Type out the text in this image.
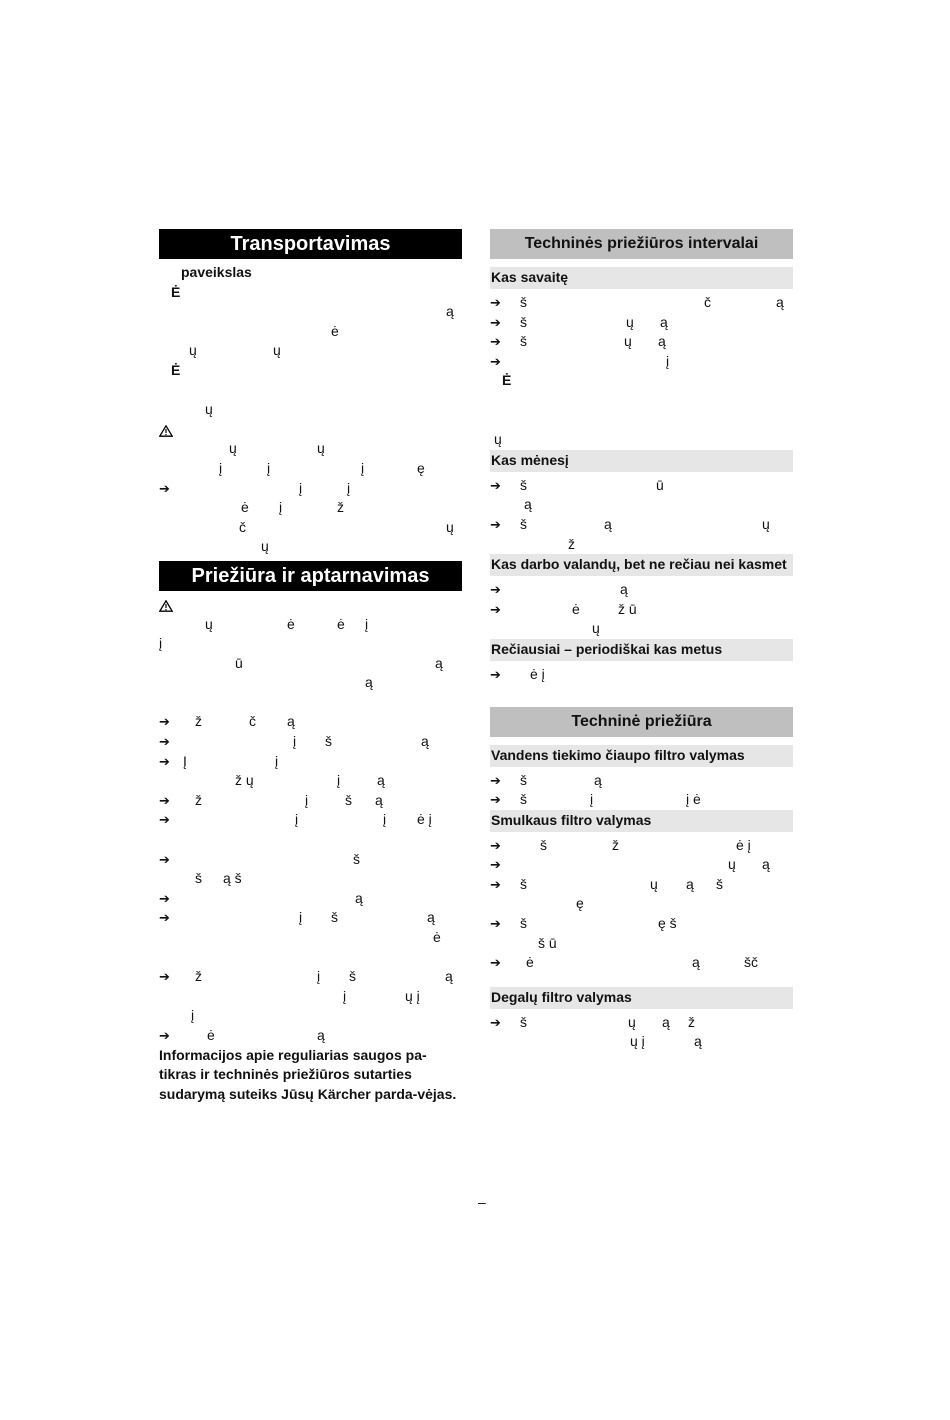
Transportavimas
paveikslas
Ė
ą
ė
ų	ų
Ė
ų
ų	ų
į	į	į	ę
➔	į	į
ė į	ž
č	ų
ų
Priežiūra ir aptarnavimas
ų	ė	ė į
į
ū	ą
ą
➔ ž	č ą
➔	į š	ą
➔ Į	į
ž ų	į	ą
➔ ž	į	š ą
➔	į	į ė į
➔	š
š ą š
➔	ą
➔	į š	ą
ė
➔ ž	į š	ą
į	ų į
į
➔	ė	ą
Informacijos apie reguliarias saugos pa-tikras ir techninės priežiūros sutarties sudarymą suteiks Jūsų Kärcher parda-vėjas.
Techninės priežiūros intervalai
Kas savaitę
➔ š	č	ą
➔ š	ų ą
➔ š	ų ą
➔	į
Ė
ų
Kas mėnesį
➔ š	ū
ą
➔ š	ą	ų
ž
Kas darbo valandų, bet ne rečiau nei kasmet
➔	ą
➔	ė	ž ū
ų
Rečiausiai – periodiškai kas metus
➔ ė į
Techninė priežiūra
Vandens tiekimo čiaupo filtro valymas
➔ š	ą
➔ š	į	į ė
Smulkaus filtro valymas
➔	š	ž	ė į
➔	ų ą
➔ š	ų ą š
ę
➔ š	ę š
š ū
➔ ė	ą	šč
Degalų filtro valymas
➔ š	ų ą ž
ų į	ą
–
